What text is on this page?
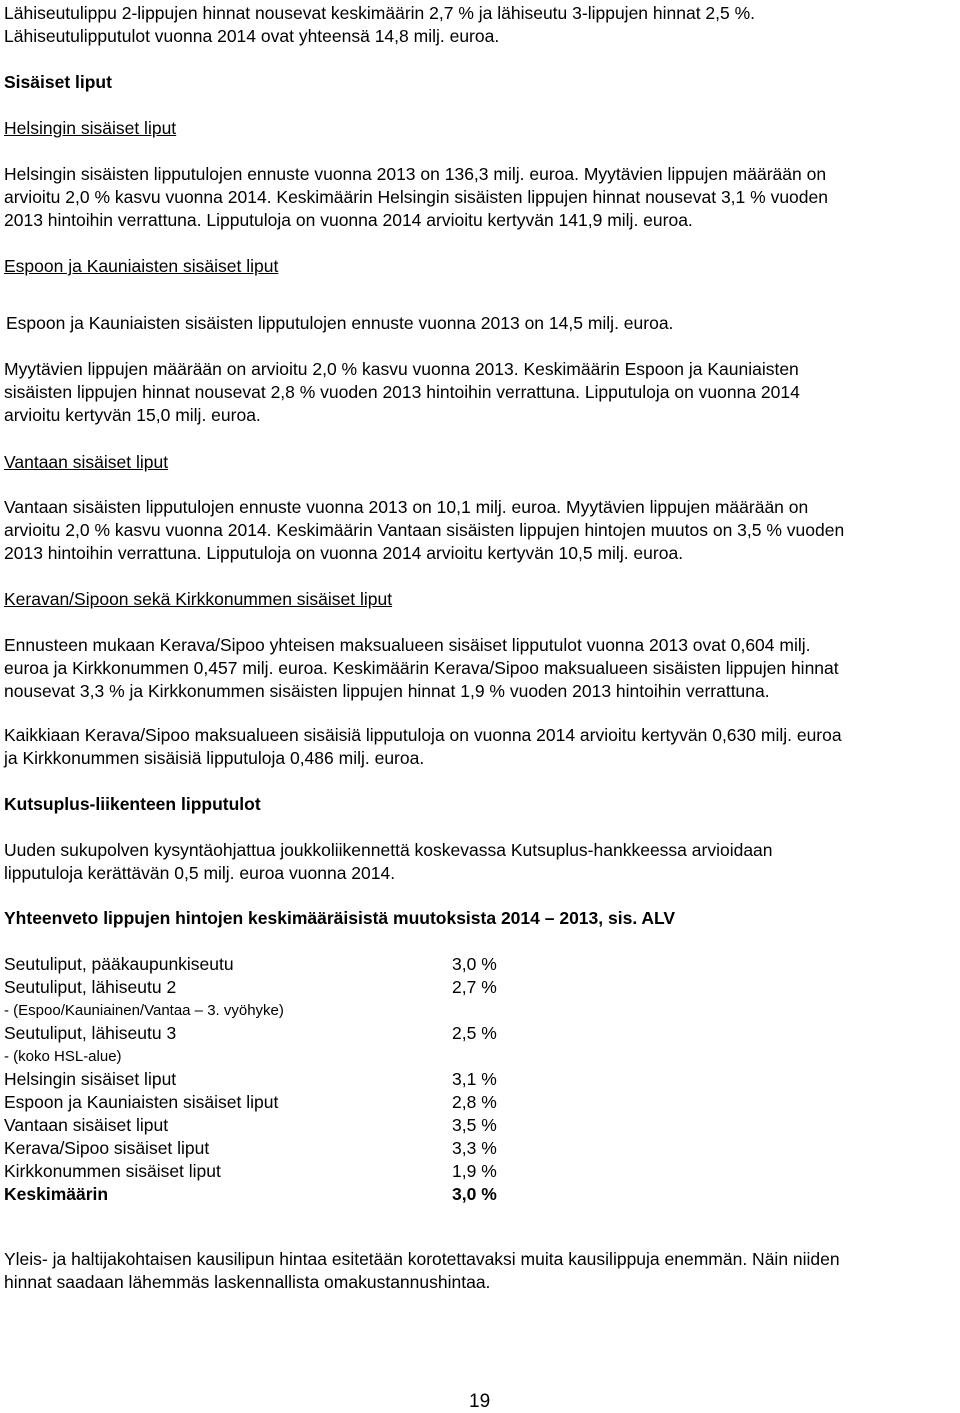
Lähiseutulippu 2-lippujen hinnat nousevat keskimäärin 2,7 % ja lähiseutu 3-lippujen hinnat 2,5 %.
Lähiseutulipputulot vuonna 2014 ovat yhteensä 14,8 milj. euroa.

Sisäiset liput
Helsingin sisäiset liput

Helsingin sisäisten lipputulojen ennuste vuonna 2013 on 136,3 milj. euroa. Myytävien lippujen määrään on
arvioitu 2,0 % kasvu vuonna 2014. Keskimäärin Helsingin sisäisten lippujen hinnat nousevat 3,1 % vuoden
2013 hintoihin verrattuna. Lipputuloja on vuonna 2014 arvioitu kertyvän 141,9 milj. euroa.

Espoon ja Kauniaisten sisäiset liput

Espoon ja Kauniaisten sisäisten lipputulojen ennuste vuonna 2013 on 14,5 milj. euroa.

Myytävien lippujen määrään on arvioitu 2,0 % kasvu vuonna 2013. Keskimäärin Espoon ja Kauniaisten
sisäisten lippujen hinnat nousevat 2,8 % vuoden 2013 hintoihin verrattuna. Lipputuloja on vuonna 2014
arvioitu kertyvän 15,0 milj. euroa.

Vantaan sisäiset liput

Vantaan sisäisten lipputulojen ennuste vuonna 2013 on 10,1 milj. euroa. Myytävien lippujen määrään on
arvioitu 2,0 % kasvu vuonna 2014. Keskimäärin Vantaan sisäisten lippujen hintojen muutos on 3,5 % vuoden
2013 hintoihin verrattuna. Lipputuloja on vuonna 2014 arvioitu kertyvän 10,5 milj. euroa.

Keravan/Sipoon sekä Kirkkonummen sisäiset liput

Ennusteen mukaan Kerava/Sipoo yhteisen maksualueen sisäiset lipputulot vuonna 2013 ovat 0,604 milj.
euroa ja Kirkkonummen 0,457 milj. euroa. Keskimäärin Kerava/Sipoo maksualueen sisäisten lippujen hinnat
nousevat 3,3 % ja Kirkkonummen sisäisten lippujen hinnat 1,9 % vuoden 2013 hintoihin verrattuna.

Kaikkiaan Kerava/Sipoo maksualueen sisäisiä lipputuloja on vuonna 2014 arvioitu kertyvän 0,630 milj. euroa
ja Kirkkonummen sisäisiä lipputuloja 0,486 milj. euroa.

Kutsuplus-liikenteen lipputulot

Uuden sukupolven kysyntäohjattua joukkoliikennettä koskevassa Kutsuplus-hankkeessa arvioidaan
lipputuloja kerättävän 0,5 milj. euroa vuonna 2014.

Yhteenveto lippujen hintojen keskimääräisistä muutoksista 2014 – 2013, sis. ALV
Seutuliput, pääkaupunkiseutu	3,0 %
Seutuliput, lähiseutu 2	2,7 %
- (Espoo/Kauniainen/Vantaa – 3. vyöhyke)	
Seutuliput, lähiseutu 3	2,5 %
- (koko HSL-alue)	
Helsingin sisäiset liput	3,1 %
Espoon ja Kauniaisten sisäiset liput	2,8 %
Vantaan sisäiset liput	3,5 %
Kerava/Sipoo sisäiset liput	3,3 %
Kirkkonummen sisäiset liput	1,9 %
Keskimäärin	3,0 %

Yleis- ja haltijakohtaisen kausilipun hintaa esitetään korotettavaksi muita kausilippuja enemmän. Näin niiden
hinnat saadaan lähemmäs laskennallista omakustannushintaa.

19
